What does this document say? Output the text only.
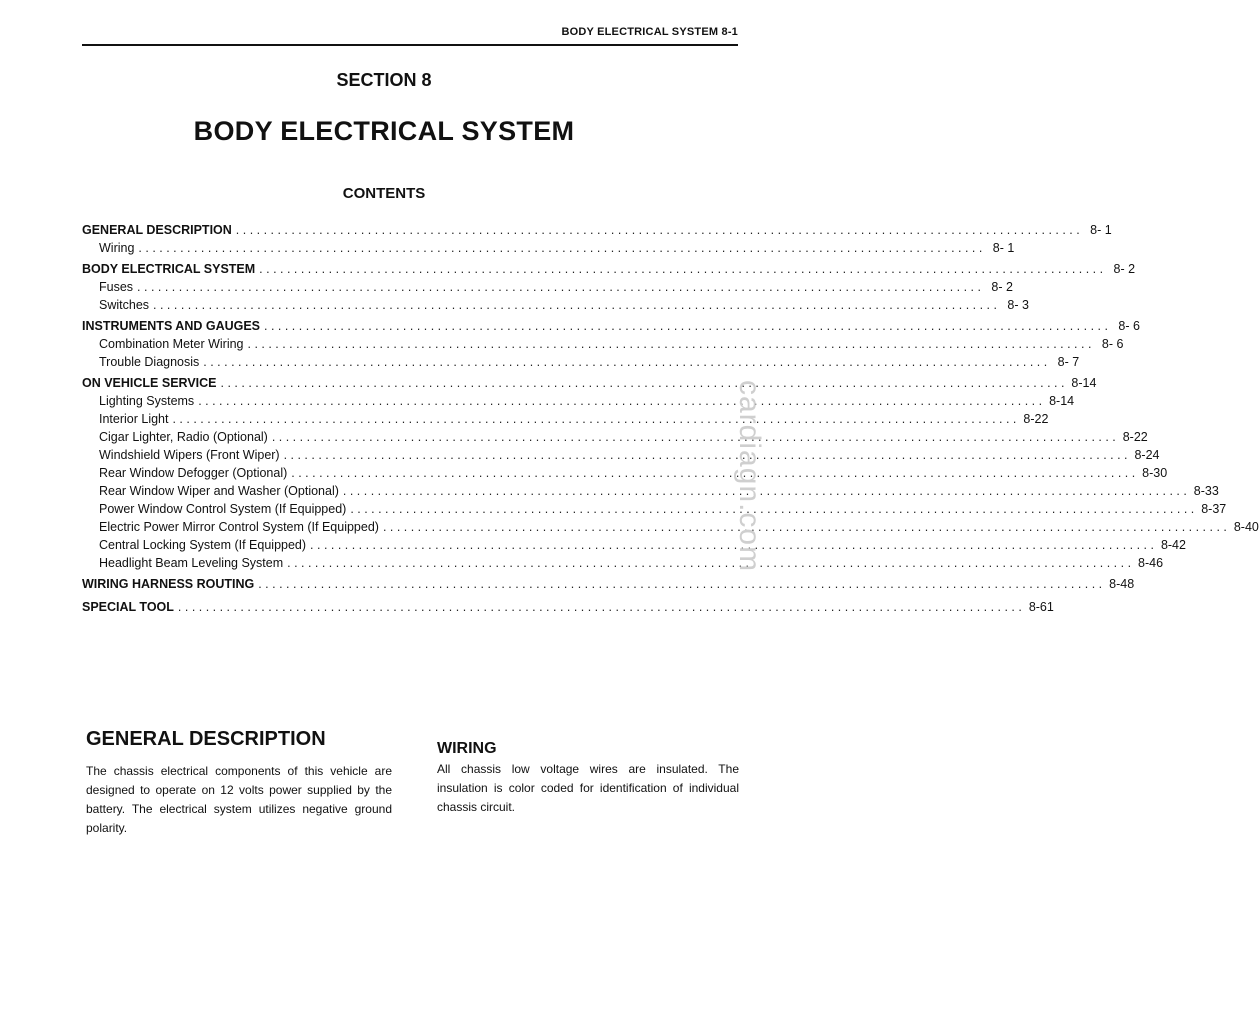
BODY ELECTRICAL SYSTEM 8-1
SECTION 8
BODY ELECTRICAL SYSTEM
CONTENTS
GENERAL DESCRIPTION . . .	8- 1
Wiring . . .	8- 1
BODY ELECTRICAL SYSTEM . . .	8- 2
Fuses . . .	8- 2
Switches . . .	8- 3
INSTRUMENTS AND GAUGES . . .	8- 6
Combination Meter Wiring . . .	8- 6
Trouble Diagnosis . . .	8- 7
ON VEHICLE SERVICE . . .	8-14
Lighting Systems . . .	8-14
Interior Light . . .	8-22
Cigar Lighter, Radio (Optional) . . .	8-22
Windshield Wipers (Front Wiper) . . .	8-24
Rear Window Defogger (Optional) . . .	8-30
Rear Window Wiper and Washer (Optional) . . .	8-33
Power Window Control System (If Equipped) . . .	8-37
Electric Power Mirror Control System (If Equipped) . . .	8-40
Central Locking System (If Equipped) . . .	8-42
Headlight Beam Leveling System . . .	8-46
WIRING HARNESS ROUTING . . .	8-48
SPECIAL TOOL . . .	8-61
cardiagn.com
GENERAL DESCRIPTION
The chassis electrical components of this vehicle are designed to operate on 12 volts power supplied by the battery. The electrical system utilizes negative ground polarity.
WIRING
All chassis low voltage wires are insulated. The insulation is color coded for identification of individual chassis circuit.
